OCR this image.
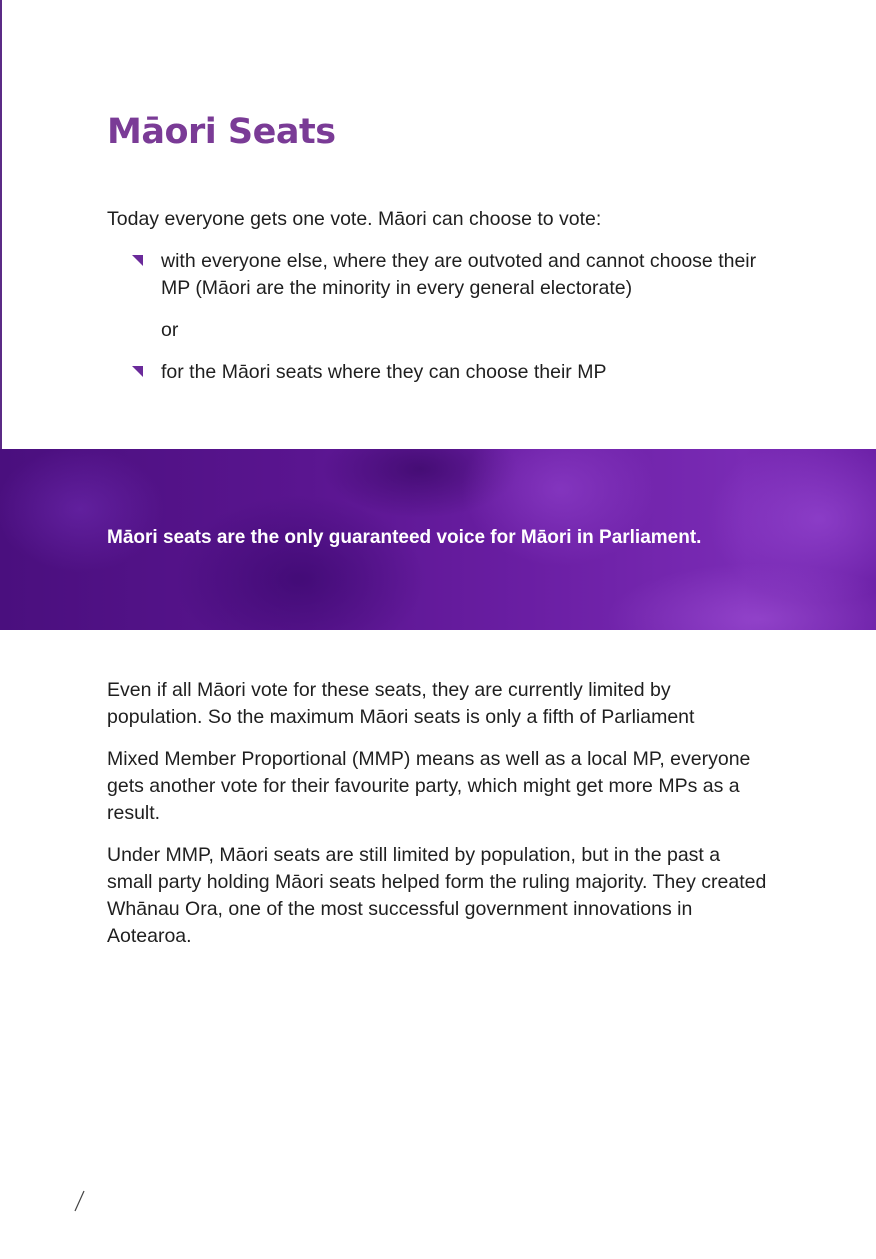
Māori Seats

Today everyone gets one vote. Māori can choose to vote:

with everyone else, where they are outvoted and cannot choose their MP (Māori are the minority in every general electorate)
or
for the Māori seats where they can choose their MP

Māori seats are the only guaranteed voice for Māori in Parliament.

Even if all Māori vote for these seats, they are currently limited by population. So the maximum Māori seats is only a fifth of Parliament

Mixed Member Proportional (MMP) means as well as a local MP, everyone gets another vote for their favourite party, which might get more MPs as a result.

Under MMP, Māori seats are still limited by population, but in the past a small party holding Māori seats helped form the ruling majority. They created Whānau Ora, one of the most successful government innovations in Aotearoa.
